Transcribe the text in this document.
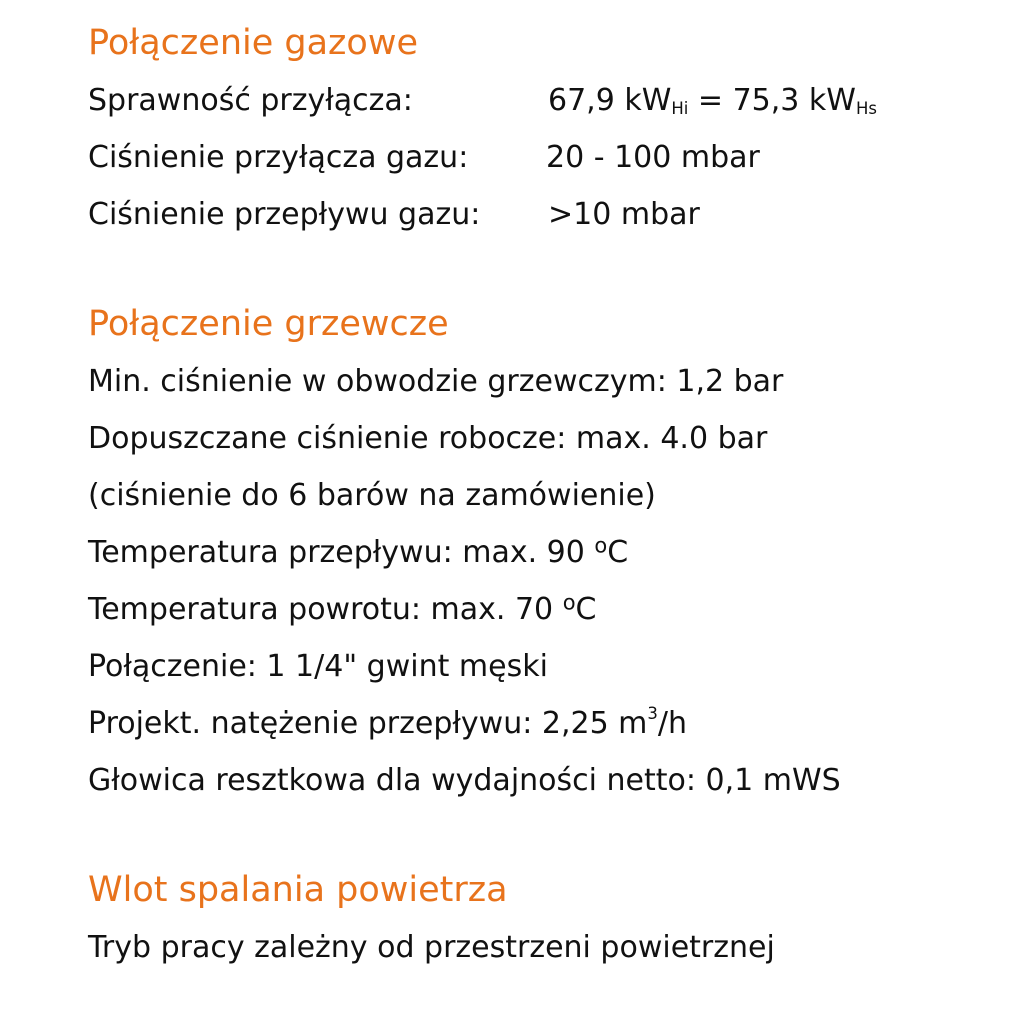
Połączenie gazowe
Sprawność przyłącza:	67,9 $kW_{Hi} = 75,3$ $kW_{Hs}$
Ciśnienie przyłącza gazu:	20 - 100 mbar
Ciśnienie przepływu gazu:	>10 mbar
Połączenie grzewcze

Min. ciśnienie w obwodzie grzewczym: 1,2 bar

Dopuszczane ciśnienie robocze: max. 4.0 bar

(ciśnienie do 6 barów na zamówienie)

Temperatura przepływu: max. 90 $^o$C

Temperatura powrotu: max. 70 $^o$C

Połączenie: 1 1/4" gwint męski

Projekt. natężenie przepływu: 2,25 $m^3/h$

Głowica resztkowa dla wydajności netto: 0,1 mWS

Wlot spalania powietrza

Tryb pracy zależny od przestrzeni powietrznej
